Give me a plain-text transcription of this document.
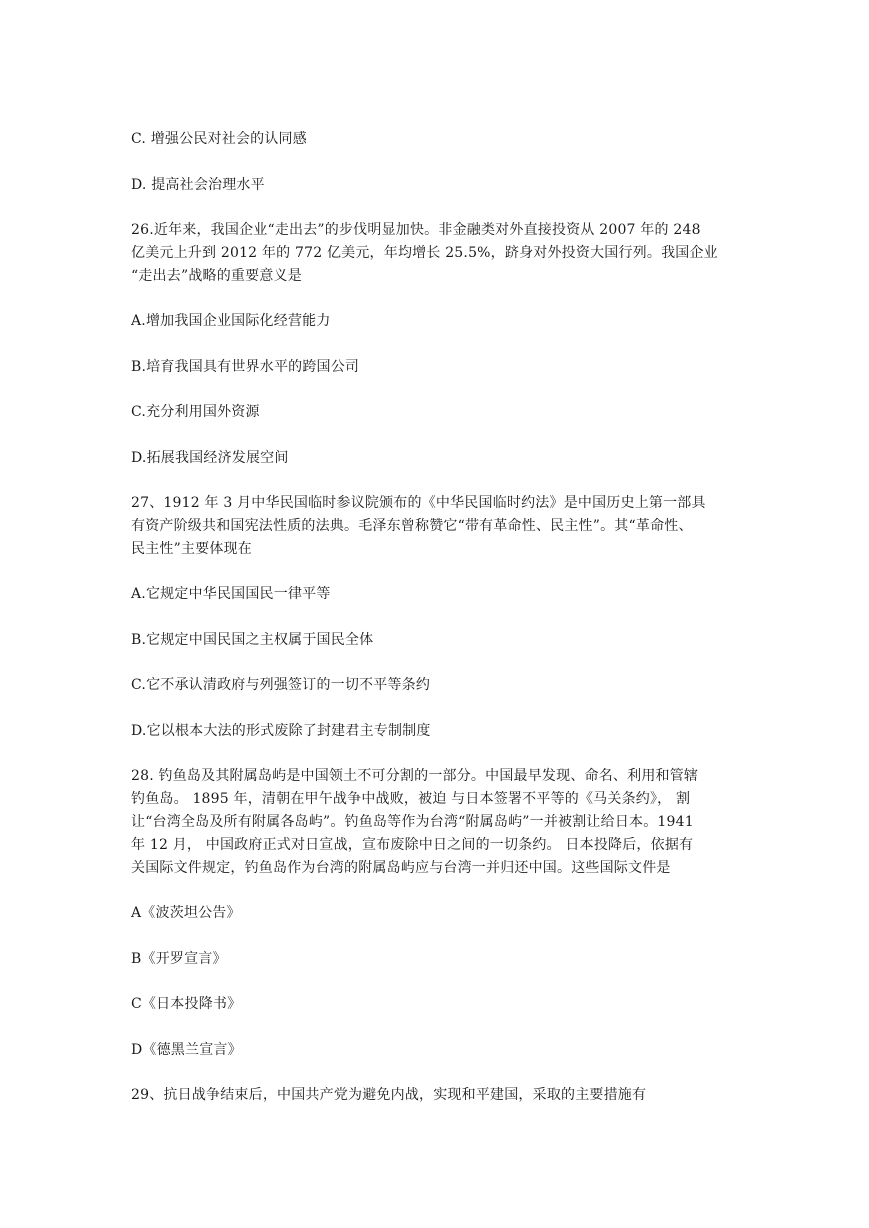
C. 增强公民对社会的认同感
D. 提高社会治理水平
26.近年来，我国企业“走出去”的步伐明显加快。非金融类对外直接投资从 2007 年的 248
亿美元上升到 2012 年的 772 亿美元，年均增长 25.5%，跻身对外投资大国行列。我国企业
“走出去”战略的重要意义是
A.增加我国企业国际化经营能力
B.培育我国具有世界水平的跨国公司
C.充分利用国外资源
D.拓展我国经济发展空间
27、1912 年 3 月中华民国临时参议院颁布的《中华民国临时约法》是中国历史上第一部具
有资产阶级共和国宪法性质的法典。毛泽东曾称赞它“带有革命性、民主性”。其“革命性、
民主性”主要体现在
A.它规定中华民国国民一律平等
B.它规定中国民国之主权属于国民全体
C.它不承认清政府与列强签订的一切不平等条约
D.它以根本大法的形式废除了封建君主专制制度
28. 钓鱼岛及其附属岛屿是中国领土不可分割的一部分。中国最早发现、命名、利用和管辖
钓鱼岛。 1895 年，清朝在甲午战争中战败，被迫 与日本签署不平等的《马关条约》， 割
让“台湾全岛及所有附属各岛屿”。钓鱼岛等作为台湾“附属岛屿”一并被割让给日本。1941
年 12 月， 中国政府正式对日宣战，宣布废除中日之间的一切条约。 日本投降后，依据有
关国际文件规定，钓鱼岛作为台湾的附属岛屿应与台湾一并归还中国。这些国际文件是
A《波茨坦公告》
B《开罗宣言》
C《日本投降书》
D《德黑兰宣言》
29、抗日战争结束后，中国共产党为避免内战，实现和平建国，采取的主要措施有
